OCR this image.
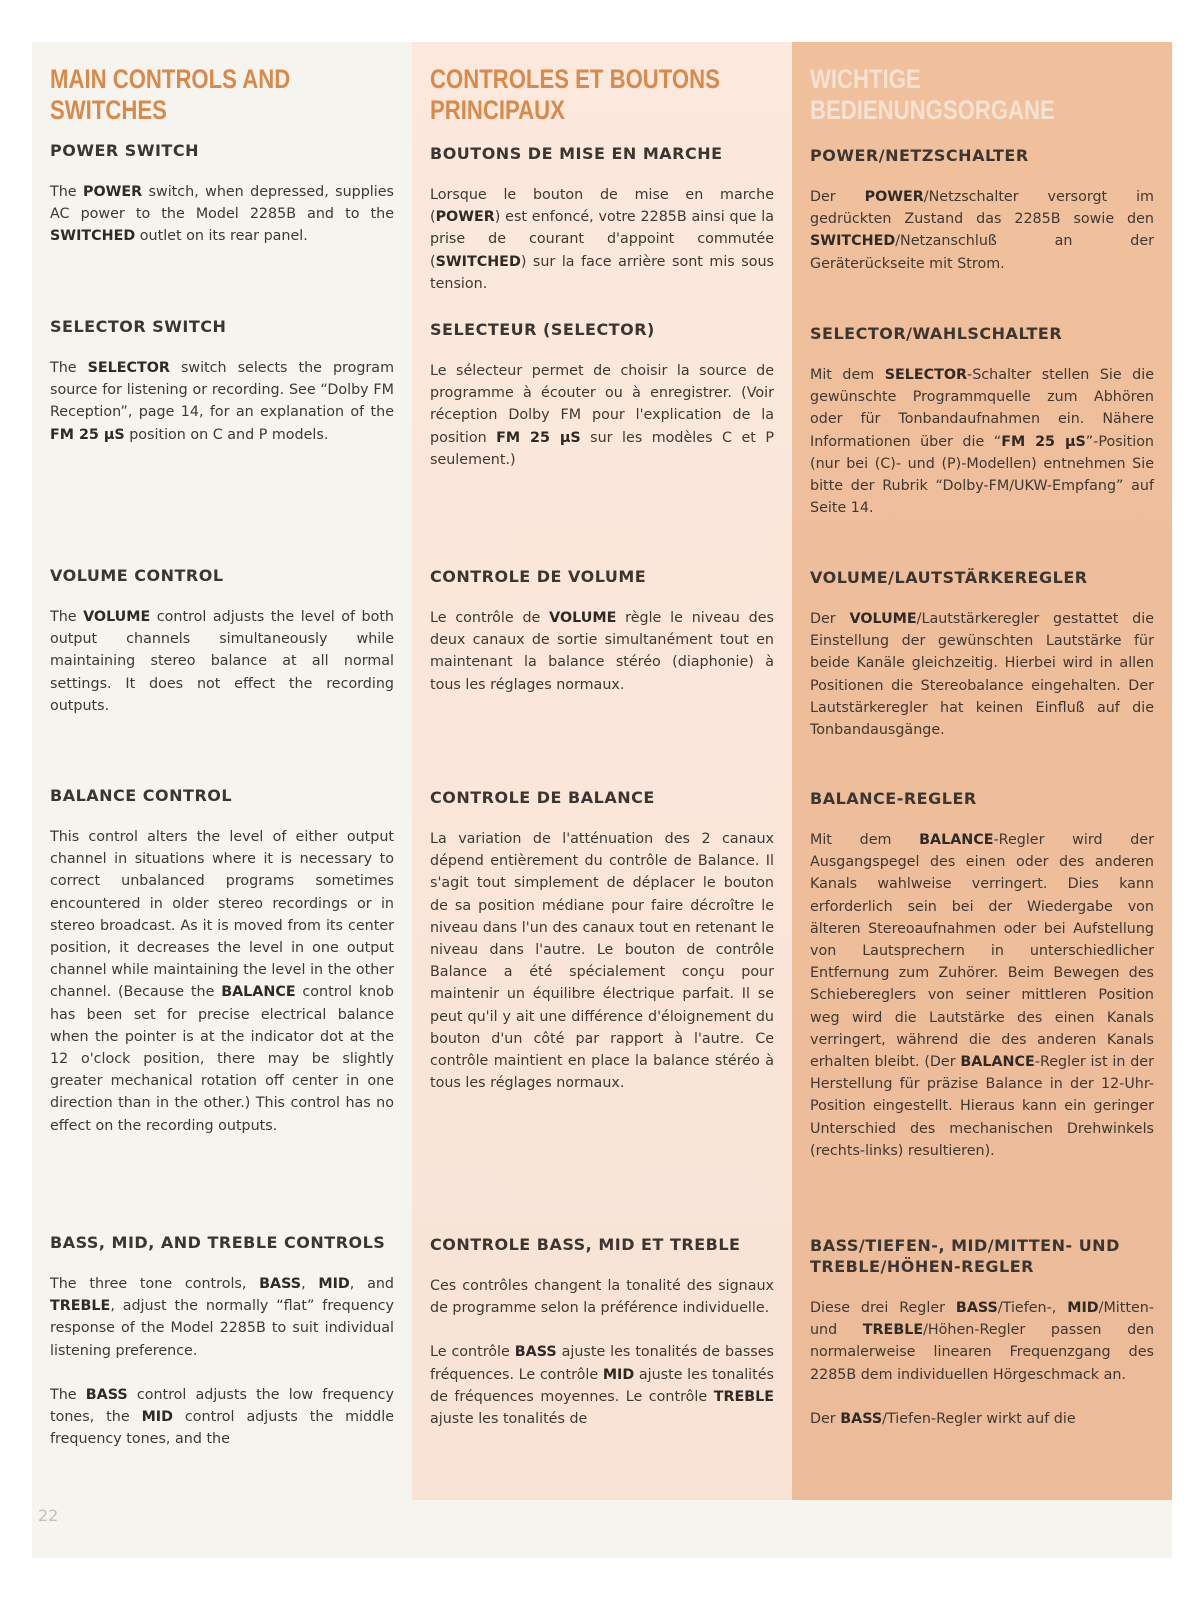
MAIN CONTROLS AND SWITCHES
POWER SWITCH

The POWER switch, when depressed, supplies AC power to the Model 2285B and to the SWITCHED outlet on its rear panel.

SELECTOR SWITCH

The SELECTOR switch selects the program source for listening or recording. See “Dolby FM Reception”, page 14, for an explanation of the FM 25 µS position on C and P models.

VOLUME CONTROL

The VOLUME control adjusts the level of both output channels simultaneously while maintaining stereo balance at all normal settings. It does not effect the recording outputs.

BALANCE CONTROL

This control alters the level of either output channel in situations where it is necessary to correct unbalanced programs sometimes encountered in older stereo recordings or in stereo broadcast. As it is moved from its center position, it decreases the level in one output channel while maintaining the level in the other channel. (Because the BALANCE control knob has been set for precise electrical balance when the pointer is at the indicator dot at the 12 o'clock position, there may be slightly greater mechanical rotation off center in one direction than in the other.) This control has no effect on the recording outputs.

BASS, MID, AND TREBLE CONTROLS

The three tone controls, BASS, MID, and TREBLE, adjust the normally “flat” frequency response of the Model 2285B to suit individual listening preference.

The BASS control adjusts the low frequency tones, the MID control adjusts the middle frequency tones, and the

CONTROLES ET BOUTONS PRINCIPAUX
BOUTONS DE MISE EN MARCHE

Lorsque le bouton de mise en marche (POWER) est enfoncé, votre 2285B ainsi que la prise de courant d'appoint commutée (SWITCHED) sur la face arrière sont mis sous tension.

SELECTEUR (SELECTOR)

Le sélecteur permet de choisir la source de programme à écouter ou à enregistrer. (Voir réception Dolby FM pour l'explication de la position FM 25 µS sur les modèles C et P seulement.)

CONTROLE DE VOLUME

Le contrôle de VOLUME règle le niveau des deux canaux de sortie simultanément tout en maintenant la balance stéréo (diaphonie) à tous les réglages normaux.

CONTROLE DE BALANCE

La variation de l'atténuation des 2 canaux dépend entièrement du contrôle de Balance. Il s'agit tout simplement de déplacer le bouton de sa position médiane pour faire décroître le niveau dans l'un des canaux tout en retenant le niveau dans l'autre. Le bouton de contrôle Balance a été spécialement conçu pour maintenir un équilibre électrique parfait. Il se peut qu'il y ait une différence d'éloignement du bouton d'un côté par rapport à l'autre. Ce contrôle maintient en place la balance stéréo à tous les réglages normaux.

CONTROLE BASS, MID ET TREBLE

Ces contrôles changent la tonalité des signaux de programme selon la préférence individuelle.

Le contrôle BASS ajuste les tonalités de basses fréquences. Le contrôle MID ajuste les tonalités de fréquences moyennes. Le contrôle TREBLE ajuste les tonalités de

WICHTIGE BEDIENUNGSORGANE
POWER/NETZSCHALTER

Der POWER/Netzschalter versorgt im gedrückten Zustand das 2285B sowie den SWITCHED/Netzanschluß an der Geräterückseite mit Strom.

SELECTOR/WAHLSCHALTER

Mit dem SELECTOR-Schalter stellen Sie die gewünschte Programmquelle zum Abhören oder für Tonbandaufnahmen ein. Nähere Informationen über die “FM 25 µS”-Position (nur bei (C)- und (P)-Modellen) entnehmen Sie bitte der Rubrik “Dolby-FM/UKW-Empfang” auf Seite 14.

VOLUME/LAUTSTÄRKEREGLER

Der VOLUME/Lautstärkeregler gestattet die Einstellung der gewünschten Lautstärke für beide Kanäle gleichzeitig. Hierbei wird in allen Positionen die Stereobalance eingehalten. Der Lautstärkeregler hat keinen Einfluß auf die Tonbandausgänge.

BALANCE-REGLER

Mit dem BALANCE-Regler wird der Ausgangspegel des einen oder des anderen Kanals wahlweise verringert. Dies kann erforderlich sein bei der Wiedergabe von älteren Stereoaufnahmen oder bei Aufstellung von Lautsprechern in unterschiedlicher Entfernung zum Zuhörer. Beim Bewegen des Schiebereglers von seiner mittleren Position weg wird die Lautstärke des einen Kanals verringert, während die des anderen Kanals erhalten bleibt. (Der BALANCE-Regler ist in der Herstellung für präzise Balance in der 12-Uhr-Position eingestellt. Hieraus kann ein geringer Unterschied des mechanischen Drehwinkels (rechts-links) resultieren).

BASS/TIEFEN-, MID/MITTEN- UND TREBLE/HÖHEN-REGLER

Diese drei Regler BASS/Tiefen-, MID/Mitten- und TREBLE/Höhen-Regler passen den normalerweise linearen Frequenzgang des 2285B dem individuellen Hörgeschmack an.

Der BASS/Tiefen-Regler wirkt auf die

22
